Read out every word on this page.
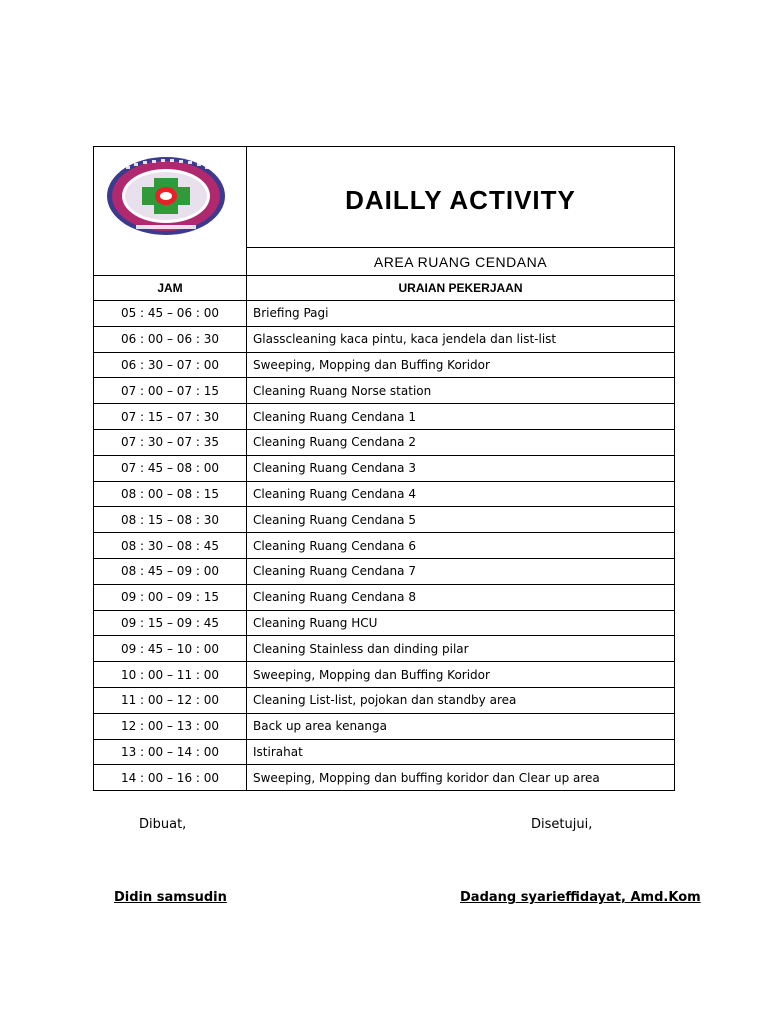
	DAILLY ACTIVITY
	AREA RUANG CENDANA
JAM	URAIAN PEKERJAAN
05 : 45 – 06 : 00	Briefing Pagi
06 : 00 – 06 : 30	Glasscleaning kaca pintu, kaca jendela dan list-list
06 : 30 – 07 : 00	Sweeping, Mopping dan Buffing Koridor
07 : 00 – 07 : 15	Cleaning Ruang Norse station
07 : 15 – 07 : 30	Cleaning Ruang Cendana 1
07 : 30 – 07 : 35	Cleaning Ruang Cendana 2
07 : 45 – 08 : 00	Cleaning Ruang Cendana 3
08 : 00 – 08 : 15	Cleaning Ruang Cendana 4
08 : 15 – 08 : 30	Cleaning Ruang Cendana 5
08 : 30 – 08 : 45	Cleaning Ruang Cendana 6
08 : 45 – 09 : 00	Cleaning Ruang Cendana 7
09 : 00 – 09 : 15	Cleaning Ruang Cendana 8
09 : 15 – 09 : 45	Cleaning Ruang HCU
09 : 45 – 10 : 00	Cleaning Stainless dan dinding pilar
10 : 00 – 11 : 00	Sweeping, Mopping dan Buffing Koridor
11 : 00 – 12 : 00	Cleaning List-list, pojokan dan standby area
12 : 00 – 13 : 00	Back up area kenanga
13 : 00 – 14 : 00	Istirahat
14 : 00 – 16 : 00	Sweeping, Mopping dan buffing koridor dan Clear up area
Dibuat,	Disetujui,
Didin samsudin	Dadang syarieffidayat, Amd.Kom
